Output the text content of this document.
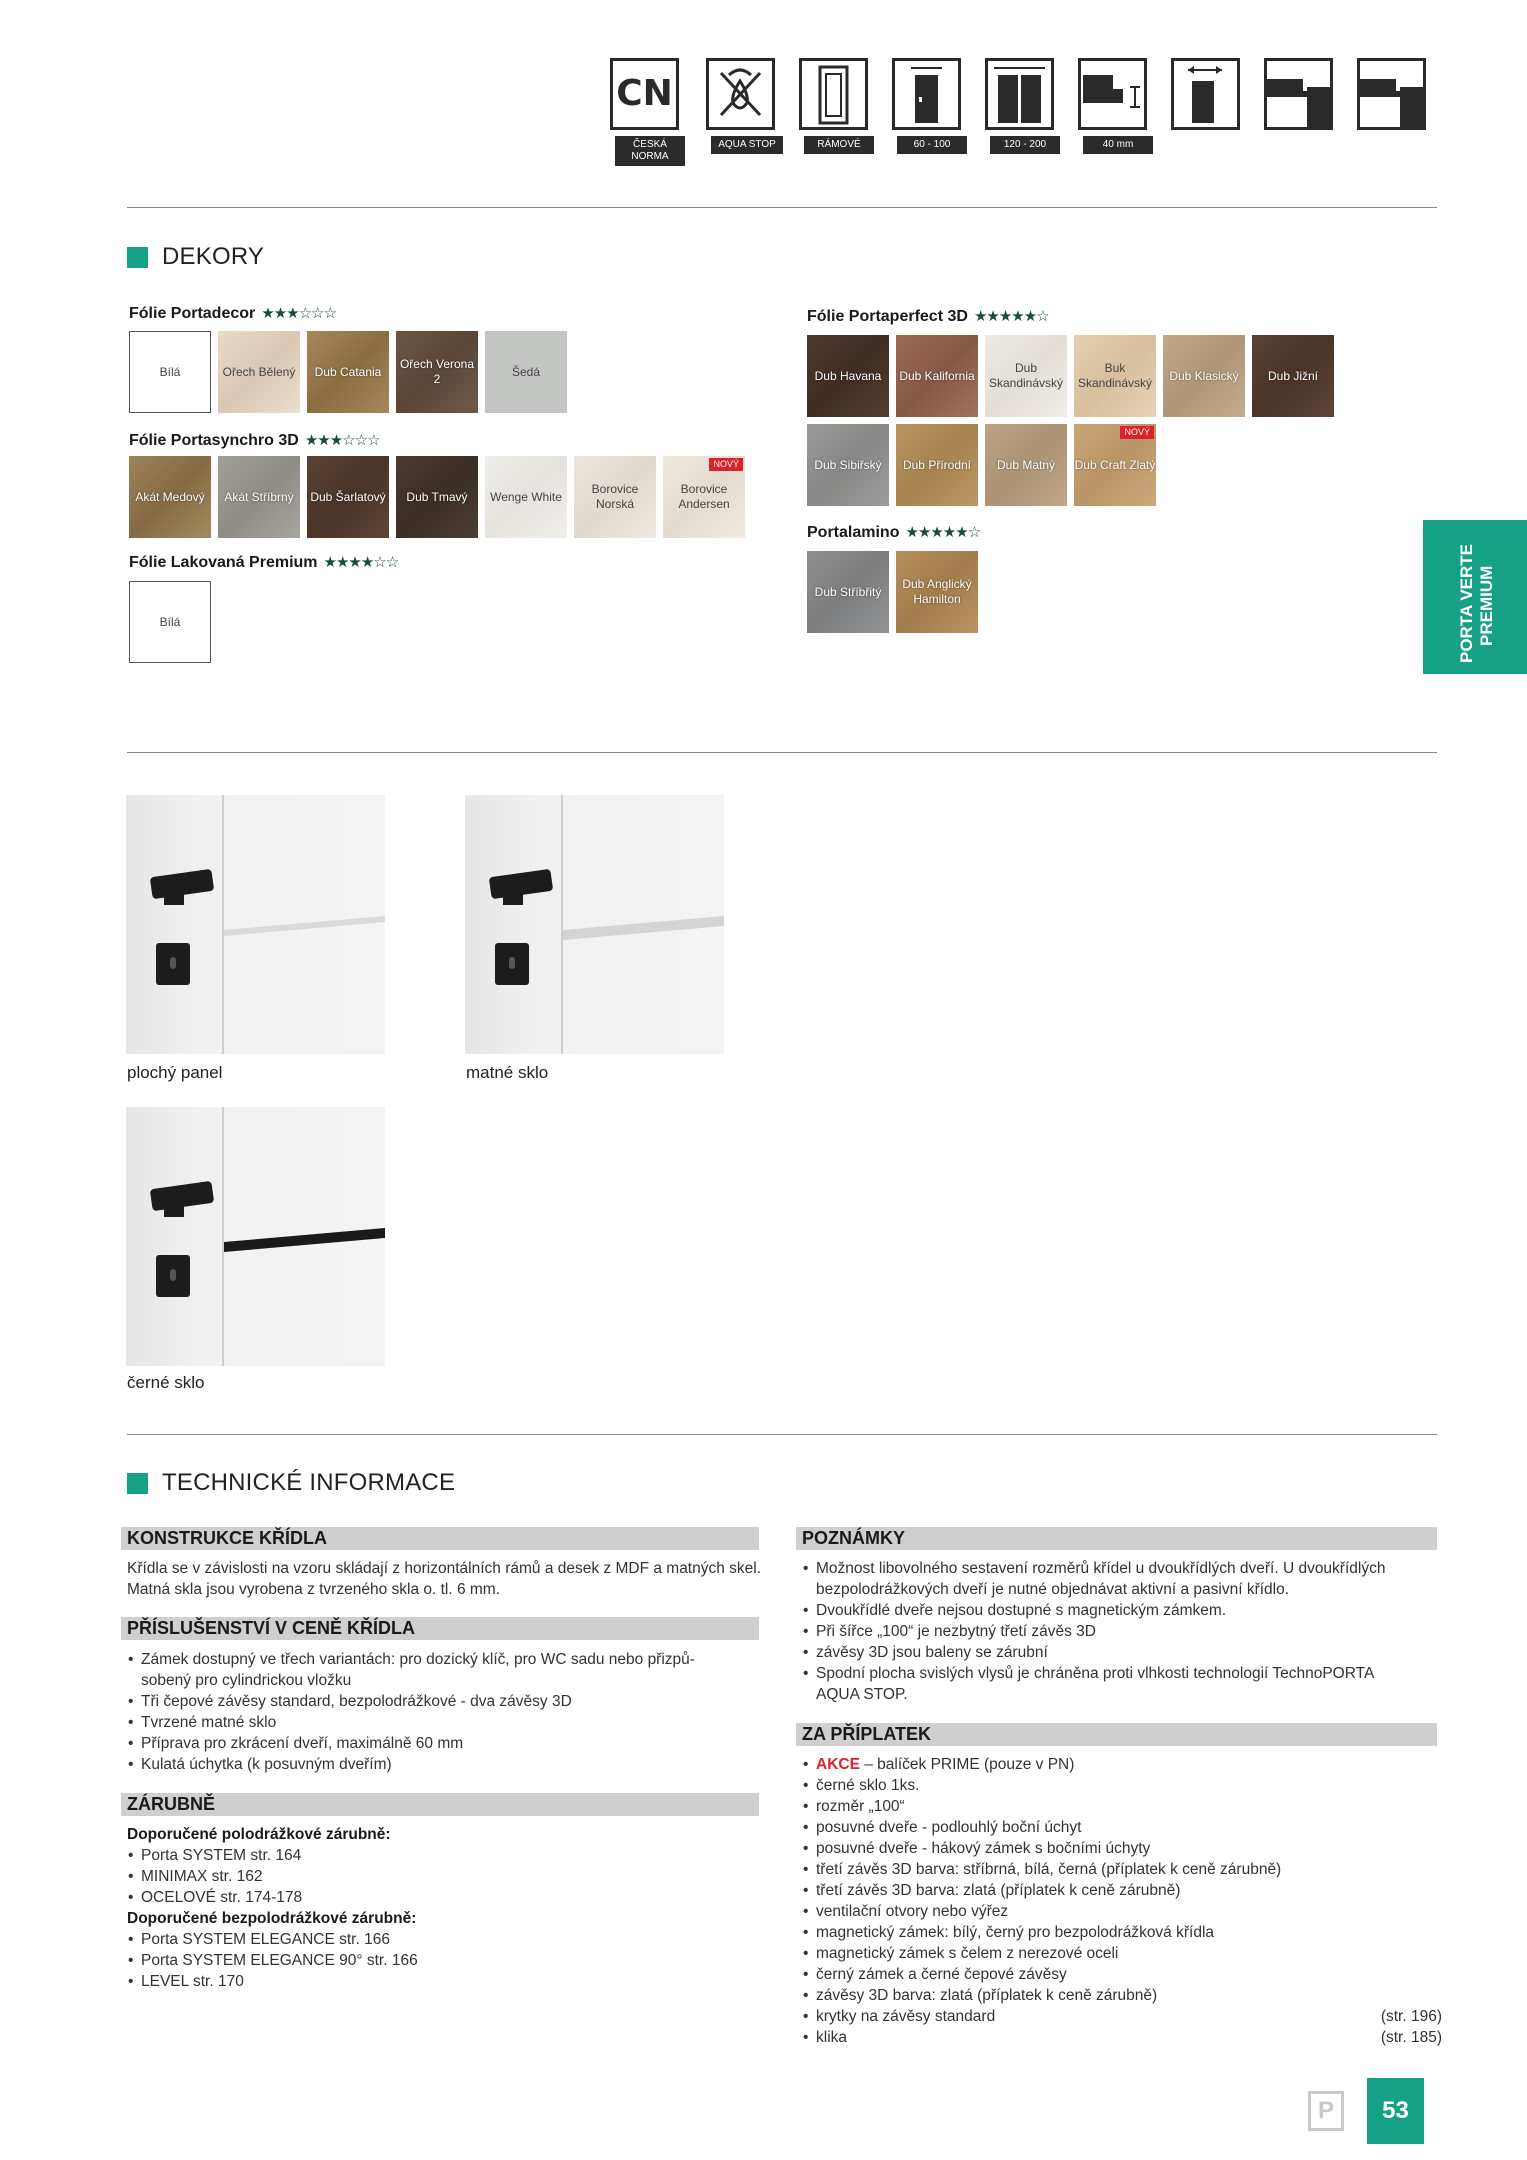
CN
ČESKÁ NORMA
AQUA STOP	RÁMOVÉ	60 - 100	120 - 200	40 mm
DEKORY
Fólie Portadecor ★★★☆☆☆
Bílá	Ořech Bělený Dub Catania
Ořech Verona 2
Šedá
Fólie Portasynchro 3D ★★★☆☆☆
Akát Medový Akát Stříbrný Dub Šarlatový Dub Tmavý Wenge White
Borovice Norská
Borovice Andersen
NOVÝ
Fólie Lakovaná Premium ★★★★☆☆
Bílá
Fólie Portaperfect 3D ★★★★★☆
Dub Havana Dub Kalifornia
Dub Skandinávský
Buk Skandinávský
Dub Klasický Dub Jižní
Dub Sibiřský Dub Přírodní Dub Matný Dub Craft Zlatý
NOVÝ
Portalamino ★★★★★☆
Dub Stříbřitý
Dub Anglický Hamilton	PORTA VERTE PREMIUM
plochý panel	matné sklo
černé sklo
TECHNICKÉ INFORMACE
KONSTRUKCE KŘÍDLA
Křídla se v závislosti na vzoru skládají z horizontálních rámů a desek z MDF a matných skel.
Matná skla jsou vyrobena z tvrzeného skla o. tl. 6 mm.
PŘÍSLUŠENSTVÍ V CENĚ KŘÍDLA
• Zámek dostupný ve třech variantách: pro dozický klíč, pro WC sadu nebo přizpů-
sobený pro cylindrickou vložku
• Tři čepové závěsy standard, bezpolodrážkové - dva závěsy 3D
• Tvrzené matné sklo
• Příprava pro zkrácení dveří, maximálně 60 mm
• Kulatá úchytka (k posuvným dveřím)
ZÁRUBNĚ
Doporučené polodrážkové zárubně:
• Porta SYSTEM str. 164
• MINIMAX str. 162
• OCELOVÉ str. 174-178
Doporučené bezpolodrážkové zárubně:
• Porta SYSTEM ELEGANCE str. 166
• Porta SYSTEM ELEGANCE 90° str. 166
• LEVEL str. 170
POZNÁMKY
• Možnost libovolného sestavení rozměrů křídel u dvoukřídlých dveří. U dvoukřídlých
bezpolodrážkových dveří je nutné objednávat aktivní a pasivní křídlo.
• Dvoukřídlé dveře nejsou dostupné s magnetickým zámkem.
• Při šířce „100“ je nezbytný třetí závěs 3D
• závěsy 3D jsou baleny se zárubní
• Spodní plocha svislých vlysů je chráněna proti vlhkosti technologií TechnoPORTA
AQUA STOP.
ZA PŘÍPLATEK
• AKCE – balíček PRIME (pouze v PN)
• černé sklo 1ks.
• rozměr „100“
• posuvné dveře - podlouhlý boční úchyt
• posuvné dveře - hákový zámek s bočními úchyty
• třetí závěs 3D barva: stříbrná, bílá, černá (příplatek k ceně zárubně)
• třetí závěs 3D barva: zlatá (příplatek k ceně zárubně)
• ventilační otvory nebo výřez
• magnetický zámek: bílý, černý pro bezpolodrážková křídla
• magnetický zámek s čelem z nerezové oceli
• černý zámek a černé čepové závěsy
• závěsy 3D barva: zlatá (příplatek k ceně zárubně)
• krytky na závěsy standard	(str. 196)
• klika	(str. 185)
P	53
